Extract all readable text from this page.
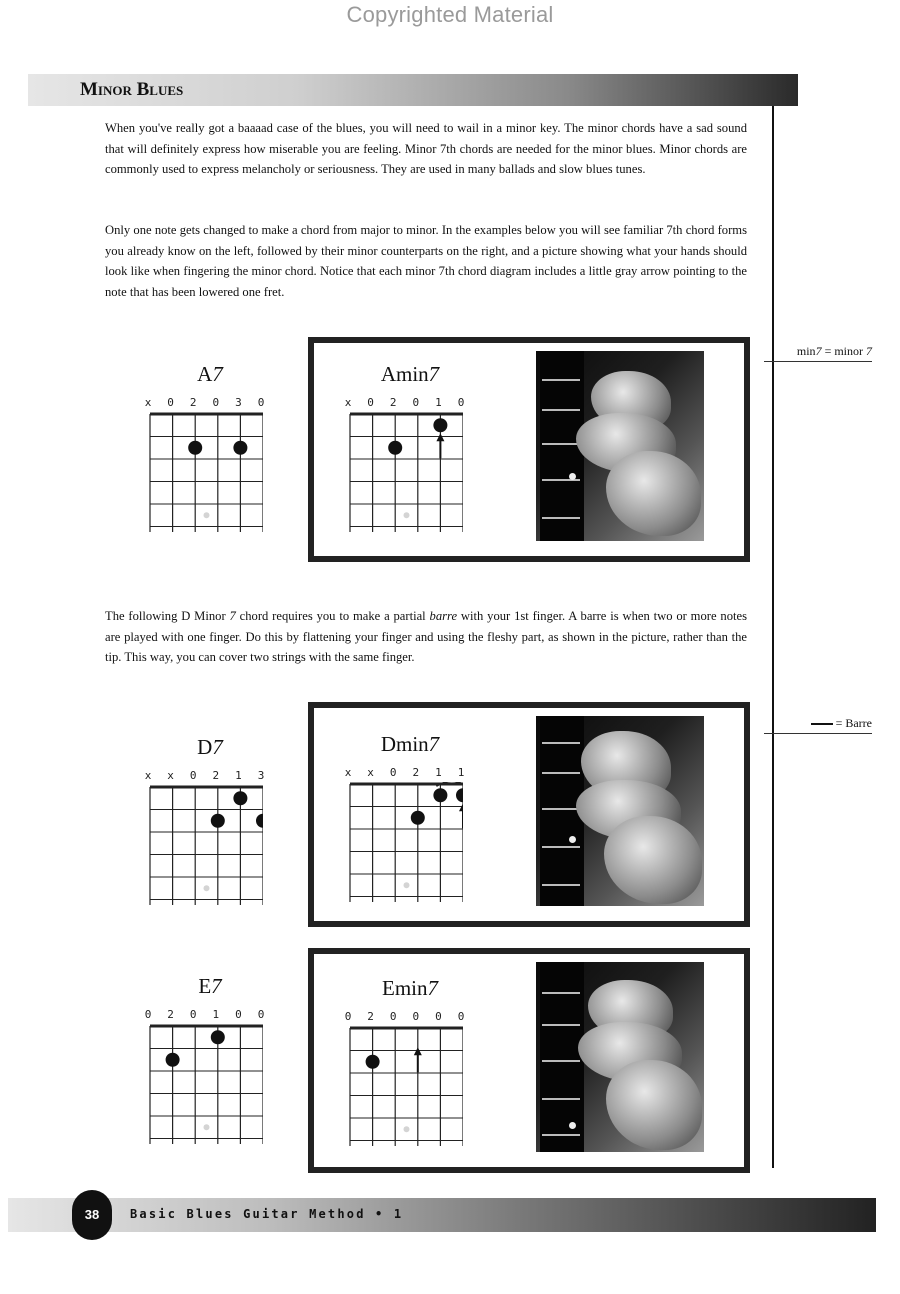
Copyrighted Material
Minor Blues
When you've really got a baaaad case of the blues, you will need to wail in a minor key. The minor chords have a sad sound that will definitely express how miserable you are feeling. Minor 7th chords are needed for the minor blues. Minor chords are commonly used to express melancholy or seriousness. They are used in many ballads and slow blues tunes.
Only one note gets changed to make a chord from major to minor. In the examples below you will see familiar 7th chord forms you already know on the left, followed by their minor counterparts on the right, and a picture showing what your hands should look like when fingering the minor chord. Notice that each minor 7th chord diagram includes a little gray arrow pointing to the note that has been lowered one fret.
The following D Minor 7 chord requires you to make a partial barre with your 1st finger. A barre is when two or more notes are played with one finger. Do this by flattening your finger and using the fleshy part, as shown in the picture, rather than the tip. This way, you can cover two strings with the same finger.
min7 = minor 7
= Barre
A7
x	0	2	0	3	0
Amin7
x	0	2	0	1	0
D7
x	x	0	2	1	3
Dmin7
x	x	0	2	1	1
E7
0	2	0	1	0	0
Emin7
0	2	0	0	0	0
38	Basic Blues Guitar Method • 1
